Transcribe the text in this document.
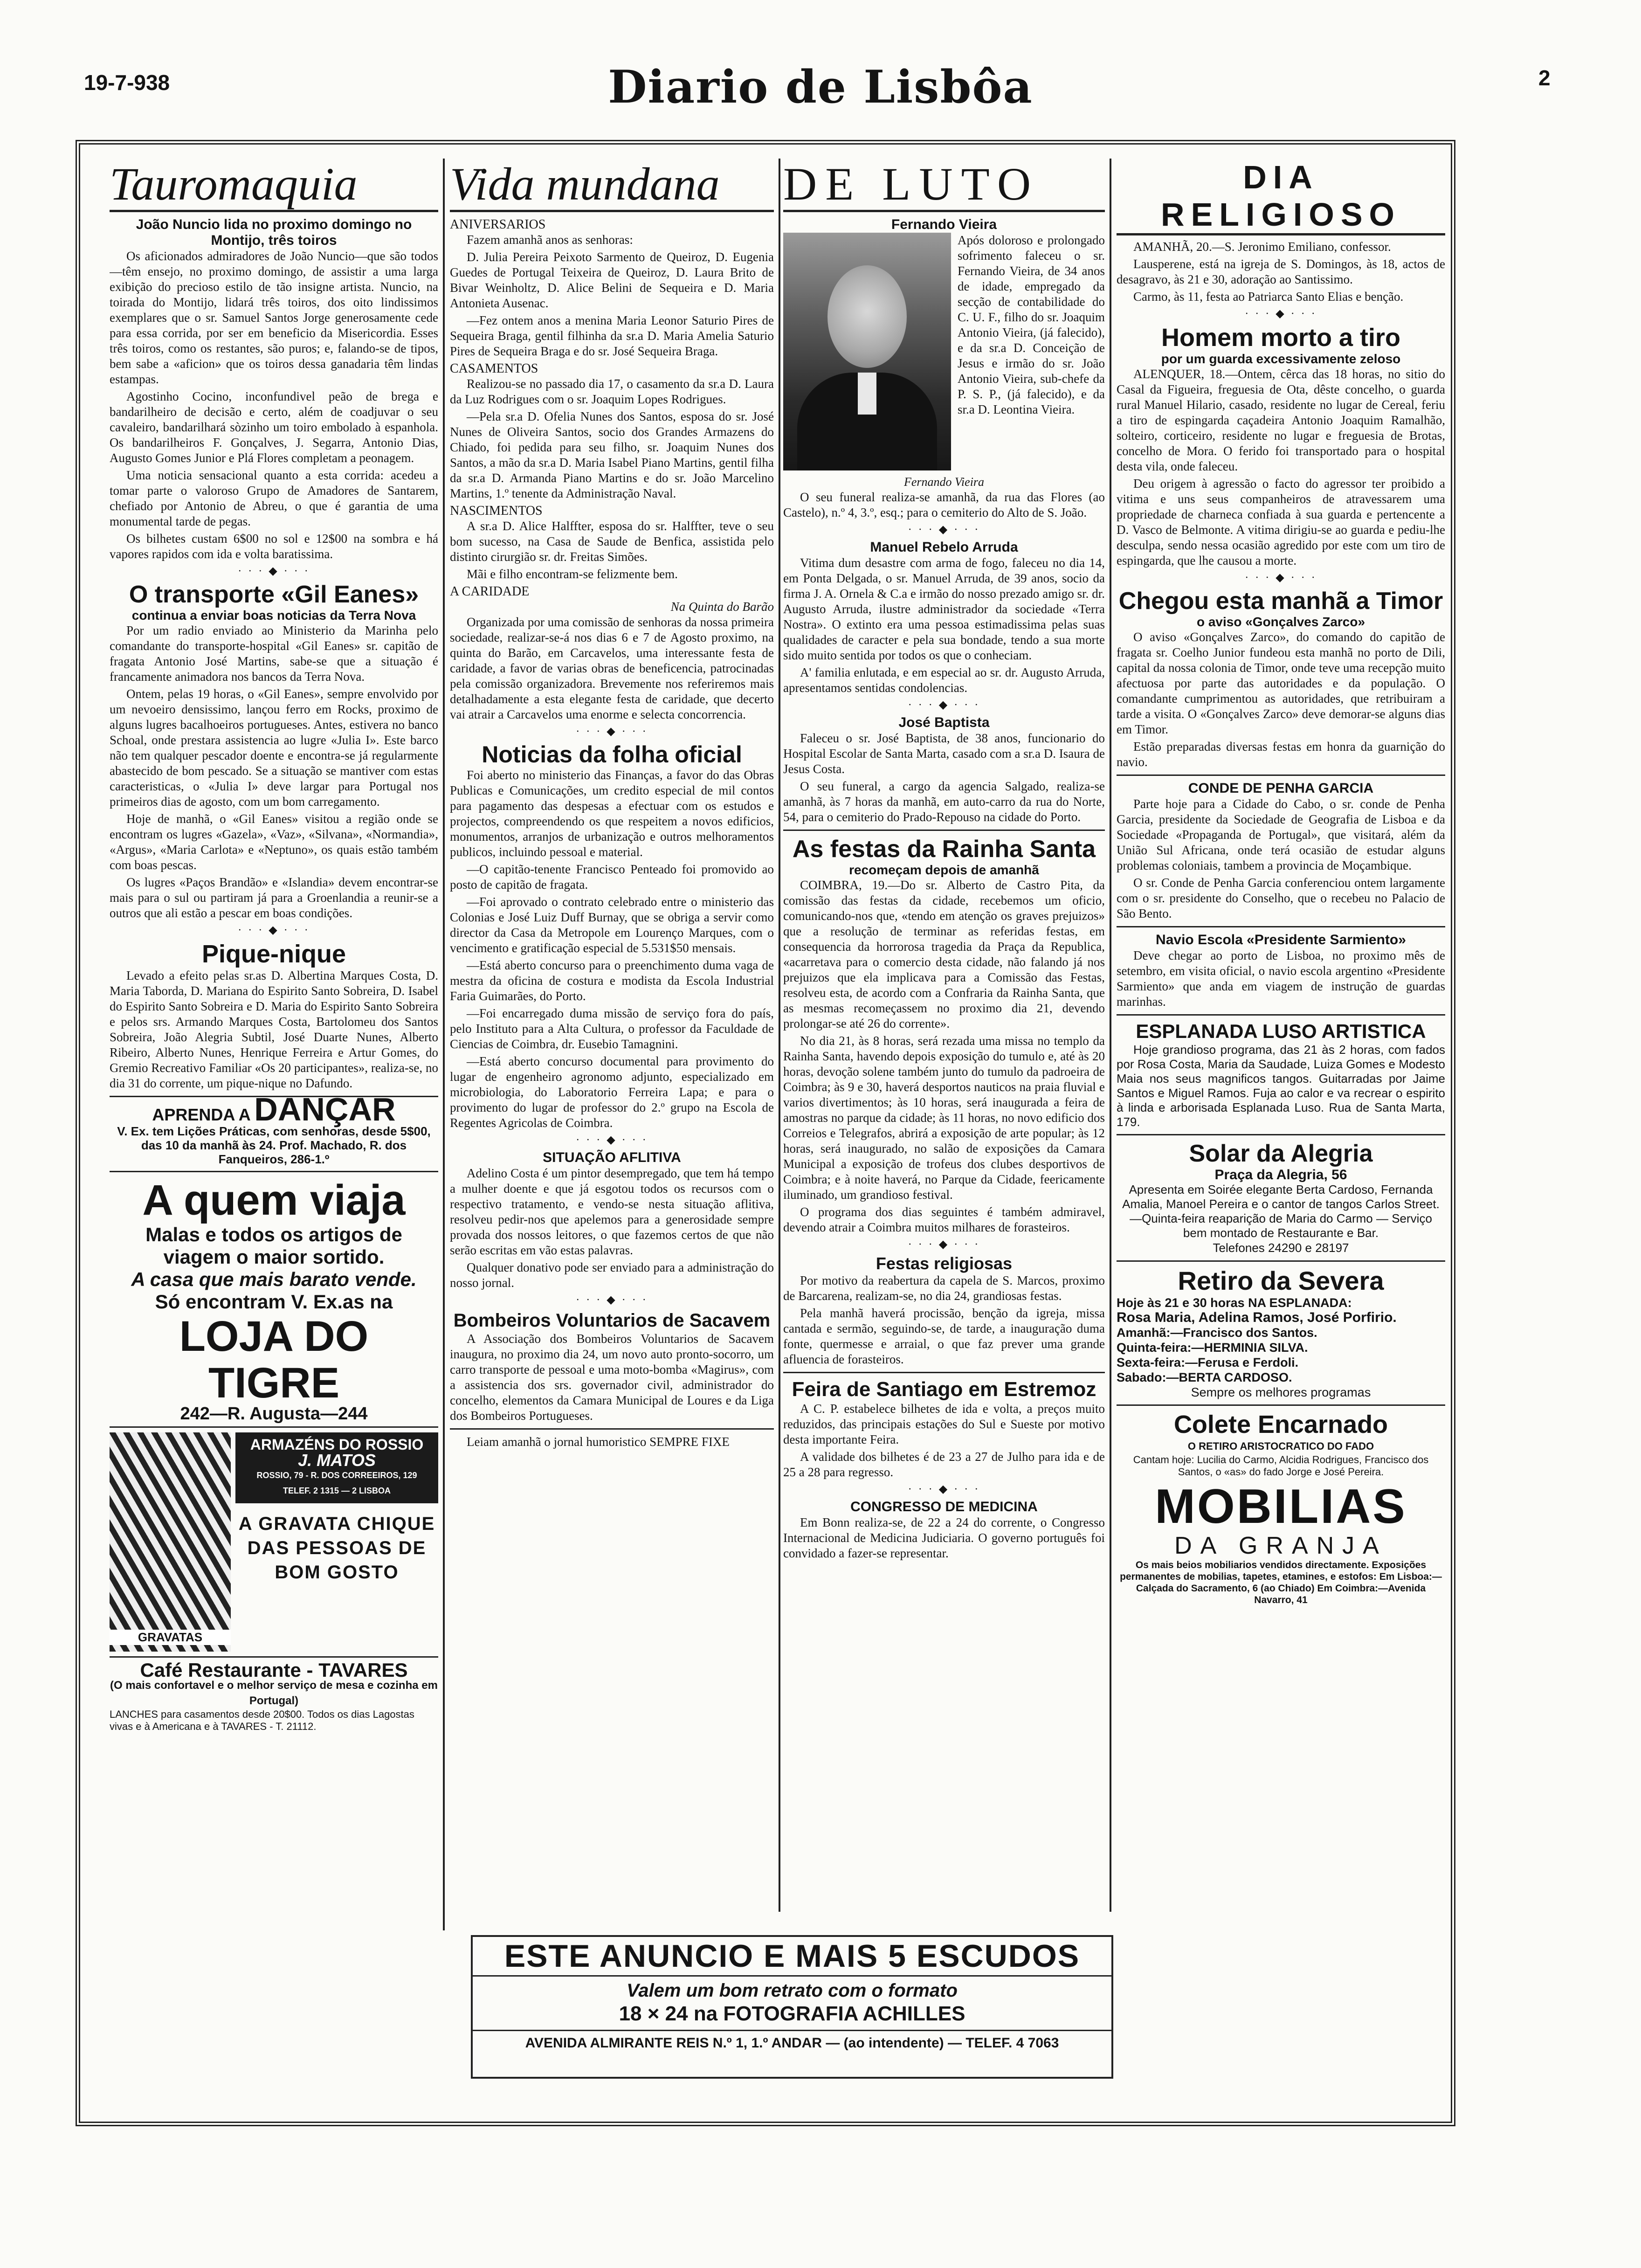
19-7-938	Diario de Lisbôa	2
Tauromaquia
João Nuncio lida no proximo domingo no Montijo, três toiros

Os aficionados admiradores de João Nuncio—que são todos—têm ensejo, no proximo domingo, de assistir a uma larga exibição do precioso estilo de tão insigne artista. Nuncio, na toirada do Montijo, lidará três toiros, dos oito lindissimos exemplares que o sr. Samuel Santos Jorge generosamente cede para essa corrida, por ser em beneficio da Misericordia. Esses três toiros, como os restantes, são puros; e, falando-se de tipos, bem sabe a «aficion» que os toiros dessa ganadaria têm lindas estampas.

Agostinho Cocino, inconfundivel peão de brega e bandarilheiro de decisão e certo, além de coadjuvar o seu cavaleiro, bandarilhará sòzinho um toiro embolado à espanhola. Os bandarilheiros F. Gonçalves, J. Segarra, Antonio Dias, Augusto Gomes Junior e Plá Flores completam a peonagem.

Uma noticia sensacional quanto a esta corrida: acedeu a tomar parte o valoroso Grupo de Amadores de Santarem, chefiado por Antonio de Abreu, o que é garantia de uma monumental tarde de pegas.

Os bilhetes custam 6$00 no sol e 12$00 na sombra e há vapores rapidos com ida e volta baratissima.

· · · ◆ · · ·
O transporte «Gil Eanes»
continua a enviar boas noticias da Terra Nova

Por um radio enviado ao Ministerio da Marinha pelo comandante do transporte-hospital «Gil Eanes» sr. capitão de fragata Antonio José Martins, sabe-se que a situação é francamente animadora nos bancos da Terra Nova.

Ontem, pelas 19 horas, o «Gil Eanes», sempre envolvido por um nevoeiro densissimo, lançou ferro em Rocks, proximo de alguns lugres bacalhoeiros portugueses. Antes, estivera no banco Schoal, onde prestara assistencia ao lugre «Julia I». Este barco não tem qualquer pescador doente e encontra-se já regularmente abastecido de bom pescado. Se a situação se mantiver com estas caracteristicas, o «Julia I» deve largar para Portugal nos primeiros dias de agosto, com um bom carregamento.

Hoje de manhã, o «Gil Eanes» visitou a região onde se encontram os lugres «Gazela», «Vaz», «Silvana», «Normandia», «Argus», «Maria Carlota» e «Neptuno», os quais estão também com boas pescas.

Os lugres «Paços Brandão» e «Islandia» devem encontrar-se mais para o sul ou partiram já para a Groenlandia a reunir-se a outros que ali estão a pescar em boas condições.

· · · ◆ · · ·
Pique-nique

Levado a efeito pelas sr.as D. Albertina Marques Costa, D. Maria Taborda, D. Mariana do Espirito Santo Sobreira, D. Isabel do Espirito Santo Sobreira e D. Maria do Espirito Santo Sobreira e pelos srs. Armando Marques Costa, Bartolomeu dos Santos Sobreira, João Alegria Subtil, José Duarte Nunes, Alberto Ribeiro, Alberto Nunes, Henrique Ferreira e Artur Gomes, do Gremio Recreativo Familiar «Os 20 participantes», realiza-se, no dia 31 do corrente, um pique-nique no Dafundo.

APRENDA A DANÇAR
V. Ex. tem Lições Práticas, com senhoras, desde 5$00, das 10 da manhã às 24. Prof. Machado, R. dos Fanqueiros, 286-1.º
A quem viaja
Malas e todos os artigos de viagem o maior sortido.
A casa que mais barato vende.
Só encontram V. Ex.as na
LOJA DO TIGRE
242—R. Augusta—244
GRAVATAS
ARMAZÉNS DO ROSSIO
J. MATOS
ROSSIO, 79 - R. DOS CORREEIROS, 129
TELEF. 2 1315 — 2 LISBOA
A GRAVATA CHIQUE DAS PESSOAS DE BOM GOSTO
Café Restaurante - TAVARES
(O mais confortavel e o melhor serviço de mesa e cozinha em Portugal)
LANCHES para casamentos desde 20$00. Todos os dias Lagostas vivas e à Americana e à TAVARES - T. 21112.
Vida mundana
ANIVERSARIOS

Fazem amanhã anos as senhoras:

D. Julia Pereira Peixoto Sarmento de Queiroz, D. Eugenia Guedes de Portugal Teixeira de Queiroz, D. Laura Brito de Bivar Weinholtz, D. Alice Belini de Sequeira e D. Maria Antonieta Ausenac.

—Fez ontem anos a menina Maria Leonor Saturio Pires de Sequeira Braga, gentil filhinha da sr.a D. Maria Amelia Saturio Pires de Sequeira Braga e do sr. José Sequeira Braga.

CASAMENTOS

Realizou-se no passado dia 17, o casamento da sr.a D. Laura da Luz Rodrigues com o sr. Joaquim Lopes Rodrigues.

—Pela sr.a D. Ofelia Nunes dos Santos, esposa do sr. José Nunes de Oliveira Santos, socio dos Grandes Armazens do Chiado, foi pedida para seu filho, sr. Joaquim Nunes dos Santos, a mão da sr.a D. Maria Isabel Piano Martins, gentil filha da sr.a D. Armanda Piano Martins e do sr. João Marcelino Martins, 1.º tenente da Administração Naval.

NASCIMENTOS

A sr.a D. Alice Halffter, esposa do sr. Halffter, teve o seu bom sucesso, na Casa de Saude de Benfica, assistida pelo distinto cirurgião sr. dr. Freitas Simões.

Mãi e filho encontram-se felizmente bem.

A CARIDADE
Na Quinta do Barão

Organizada por uma comissão de senhoras da nossa primeira sociedade, realizar-se-á nos dias 6 e 7 de Agosto proximo, na quinta do Barão, em Carcavelos, uma interessante festa de caridade, a favor de varias obras de beneficencia, patrocinadas pela comissão organizadora. Brevemente nos referiremos mais detalhadamente a esta elegante festa de caridade, que decerto vai atrair a Carcavelos uma enorme e selecta concorrencia.

· · · ◆ · · ·
Noticias da folha oficial

Foi aberto no ministerio das Finanças, a favor do das Obras Publicas e Comunicações, um credito especial de mil contos para pagamento das despesas a efectuar com os estudos e projectos, compreendendo os que respeitem a novos edificios, monumentos, arranjos de urbanização e outros melhoramentos publicos, incluindo pessoal e material.

—O capitão-tenente Francisco Penteado foi promovido ao posto de capitão de fragata.

—Foi aprovado o contrato celebrado entre o ministerio das Colonias e José Luiz Duff Burnay, que se obriga a servir como director da Casa da Metropole em Lourenço Marques, com o vencimento e gratificação especial de 5.531$50 mensais.

—Está aberto concurso para o preenchimento duma vaga de mestra da oficina de costura e modista da Escola Industrial Faria Guimarães, do Porto.

—Foi encarregado duma missão de serviço fora do país, pelo Instituto para a Alta Cultura, o professor da Faculdade de Ciencias de Coimbra, dr. Eusebio Tamagnini.

—Está aberto concurso documental para provimento do lugar de engenheiro agronomo adjunto, especializado em microbiologia, do Laboratorio Ferreira Lapa; e para o provimento do lugar de professor do 2.º grupo na Escola de Regentes Agricolas de Coimbra.

· · · ◆ · · ·
SITUAÇÃO AFLITIVA

Adelino Costa é um pintor desempregado, que tem há tempo a mulher doente e que já esgotou todos os recursos com o respectivo tratamento, e vendo-se nesta situação aflitiva, resolveu pedir-nos que apelemos para a generosidade sempre provada dos nossos leitores, o que fazemos certos de que não serão escritas em vão estas palavras.

Qualquer donativo pode ser enviado para a administração do nosso jornal.

· · · ◆ · · ·
Bombeiros Voluntarios de Sacavem

A Associação dos Bombeiros Voluntarios de Sacavem inaugura, no proximo dia 24, um novo auto pronto-socorro, um carro transporte de pessoal e uma moto-bomba «Magirus», com a assistencia dos srs. governador civil, administrador do concelho, elementos da Camara Municipal de Loures e da Liga dos Bombeiros Portugueses.

Leiam amanhã o jornal humoristico SEMPRE FIXE

DE LUTO
Fernando Vieira

Após doloroso e prolongado sofrimento faleceu o sr. Fernando Vieira, de 34 anos de idade, empregado da secção de contabilidade do C. U. F., filho do sr. Joaquim Antonio Vieira, (já falecido), e da sr.a D. Conceição de Jesus e irmão do sr. João Antonio Vieira, sub-chefe da P. S. P., (já falecido), e da sr.a D. Leontina Vieira.

Fernando Vieira

O seu funeral realiza-se amanhã, da rua das Flores (ao Castelo), n.º 4, 3.º, esq.; para o cemiterio do Alto de S. João.

· · · ◆ · · ·
Manuel Rebelo Arruda

Vitima dum desastre com arma de fogo, faleceu no dia 14, em Ponta Delgada, o sr. Manuel Arruda, de 39 anos, socio da firma J. A. Ornela & C.a e irmão do nosso prezado amigo sr. dr. Augusto Arruda, ilustre administrador da sociedade «Terra Nostra». O extinto era uma pessoa estimadissima pelas suas qualidades de caracter e pela sua bondade, tendo a sua morte sido muito sentida por todos os que o conheciam.

A' familia enlutada, e em especial ao sr. dr. Augusto Arruda, apresentamos sentidas condolencias.

· · · ◆ · · ·
José Baptista

Faleceu o sr. José Baptista, de 38 anos, funcionario do Hospital Escolar de Santa Marta, casado com a sr.a D. Isaura de Jesus Costa.

O seu funeral, a cargo da agencia Salgado, realiza-se amanhã, às 7 horas da manhã, em auto-carro da rua do Norte, 54, para o cemiterio do Prado-Repouso na cidade do Porto.

As festas da Rainha Santa
recomeçam depois de amanhã

COIMBRA, 19.—Do sr. Alberto de Castro Pita, da comissão das festas da cidade, recebemos um oficio, comunicando-nos que, «tendo em atenção os graves prejuizos» que a resolução de terminar as referidas festas, em consequencia da horrorosa tragedia da Praça da Republica, «acarretava para o comercio desta cidade, não falando já nos prejuizos que ela implicava para a Comissão das Festas, resolveu esta, de acordo com a Confraria da Rainha Santa, que as mesmas recomeçassem no proximo dia 21, devendo prolongar-se até 26 do corrente».

No dia 21, às 8 horas, será rezada uma missa no templo da Rainha Santa, havendo depois exposição do tumulo e, até às 20 horas, devoção solene também junto do tumulo da padroeira de Coimbra; às 9 e 30, haverá desportos nauticos na praia fluvial e varios divertimentos; às 10 horas, será inaugurada a feira de amostras no parque da cidade; às 11 horas, no novo edificio dos Correios e Telegrafos, abrirá a exposição de arte popular; às 12 horas, será inaugurado, no salão de exposições da Camara Municipal a exposição de trofeus dos clubes desportivos de Coimbra; e à noite haverá, no Parque da Cidade, feericamente iluminado, um grandioso festival.

O programa dos dias seguintes é também admiravel, devendo atrair a Coimbra muitos milhares de forasteiros.

· · · ◆ · · ·
Festas religiosas

Por motivo da reabertura da capela de S. Marcos, proximo de Barcarena, realizam-se, no dia 24, grandiosas festas.

Pela manhã haverá procissão, benção da igreja, missa cantada e sermão, seguindo-se, de tarde, a inauguração duma fonte, quermesse e arraial, o que faz prever uma grande afluencia de forasteiros.

Feira de Santiago em Estremoz

A C. P. estabelece bilhetes de ida e volta, a preços muito reduzidos, das principais estações do Sul e Sueste por motivo desta importante Feira.

A validade dos bilhetes é de 23 a 27 de Julho para ida e de 25 a 28 para regresso.

· · · ◆ · · ·
CONGRESSO DE MEDICINA

Em Bonn realiza-se, de 22 a 24 do corrente, o Congresso Internacional de Medicina Judiciaria. O governo português foi convidado a fazer-se representar.

DIA RELIGIOSO

AMANHÃ, 20.—S. Jeronimo Emiliano, confessor.

Lausperene, está na igreja de S. Domingos, às 18, actos de desagravo, às 21 e 30, adoração ao Santissimo.

Carmo, às 11, festa ao Patriarca Santo Elias e benção.

· · · ◆ · · ·
Homem morto a tiro
por um guarda excessivamente zeloso

ALENQUER, 18.—Ontem, cêrca das 18 horas, no sitio do Casal da Figueira, freguesia de Ota, dêste concelho, o guarda rural Manuel Hilario, casado, residente no lugar de Cereal, feriu a tiro de espingarda caçadeira Antonio Joaquim Ramalhão, solteiro, corticeiro, residente no lugar e freguesia de Brotas, concelho de Mora. O ferido foi transportado para o hospital desta vila, onde faleceu.

Deu origem à agressão o facto do agressor ter proibido a vitima e uns seus companheiros de atravessarem uma propriedade de charneca confiada à sua guarda e pertencente a D. Vasco de Belmonte. A vitima dirigiu-se ao guarda e pediu-lhe desculpa, sendo nessa ocasião agredido por este com um tiro de espingarda, que lhe causou a morte.

· · · ◆ · · ·
Chegou esta manhã a Timor
o aviso «Gonçalves Zarco»

O aviso «Gonçalves Zarco», do comando do capitão de fragata sr. Coelho Junior fundeou esta manhã no porto de Dili, capital da nossa colonia de Timor, onde teve uma recepção muito afectuosa por parte das autoridades e da população. O comandante cumprimentou as autoridades, que retribuiram a tarde a visita. O «Gonçalves Zarco» deve demorar-se alguns dias em Timor.

Estão preparadas diversas festas em honra da guarnição do navio.

CONDE DE PENHA GARCIA

Parte hoje para a Cidade do Cabo, o sr. conde de Penha Garcia, presidente da Sociedade de Geografia de Lisboa e da Sociedade «Propaganda de Portugal», que visitará, além da União Sul Africana, onde terá ocasião de estudar alguns problemas coloniais, tambem a provincia de Moçambique.

O sr. Conde de Penha Garcia conferenciou ontem largamente com o sr. presidente do Conselho, que o recebeu no Palacio de São Bento.

Navio Escola «Presidente Sarmiento»

Deve chegar ao porto de Lisboa, no proximo mês de setembro, em visita oficial, o navio escola argentino «Presidente Sarmiento» que anda em viagem de instrução de guardas marinhas.

ESPLANADA LUSO ARTISTICA

Hoje grandioso programa, das 21 às 2 horas, com fados por Rosa Costa, Maria da Saudade, Luiza Gomes e Modesto Maia nos seus magnificos tangos. Guitarradas por Jaime Santos e Miguel Ramos. Fuja ao calor e va recrear o espirito à linda e arborisada Esplanada Luso. Rua de Santa Marta, 179.

Solar da Alegria
Praça da Alegria, 56
Apresenta em Soirée elegante Berta Cardoso, Fernanda Amalia, Manoel Pereira e o cantor de tangos Carlos Street.—Quinta-feira reaparição de Maria do Carmo — Serviço bem montado de Restaurante e Bar.
Telefones 24290 e 28197
Retiro da Severa
Hoje às 21 e 30 horas NA ESPLANADA:
Rosa Maria, Adelina Ramos, José Porfirio.
Amanhã:—Francisco dos Santos.
Quinta-feira:—HERMINIA SILVA.
Sexta-feira:—Ferusa e Ferdoli.
Sabado:—BERTA CARDOSO.
Sempre os melhores programas
Colete Encarnado
O RETIRO ARISTOCRATICO DO FADO
Cantam hoje: Lucilia do Carmo, Alcidia Rodrigues, Francisco dos Santos, o «as» do fado Jorge e José Pereira.
MOBILIAS
DA GRANJA
Os mais beios mobiliarios vendidos directamente. Exposições permanentes de mobilias, tapetes, etamines, e estofos: Em Lisboa:—Calçada do Sacramento, 6 (ao Chiado) Em Coimbra:—Avenida Navarro, 41
ESTE ANUNCIO E MAIS 5 ESCUDOS
Valem um bom retrato com o formato
18 × 24 na FOTOGRAFIA ACHILLES
AVENIDA ALMIRANTE REIS N.º 1, 1.º ANDAR — (ao intendente) — TELEF. 4 7063
